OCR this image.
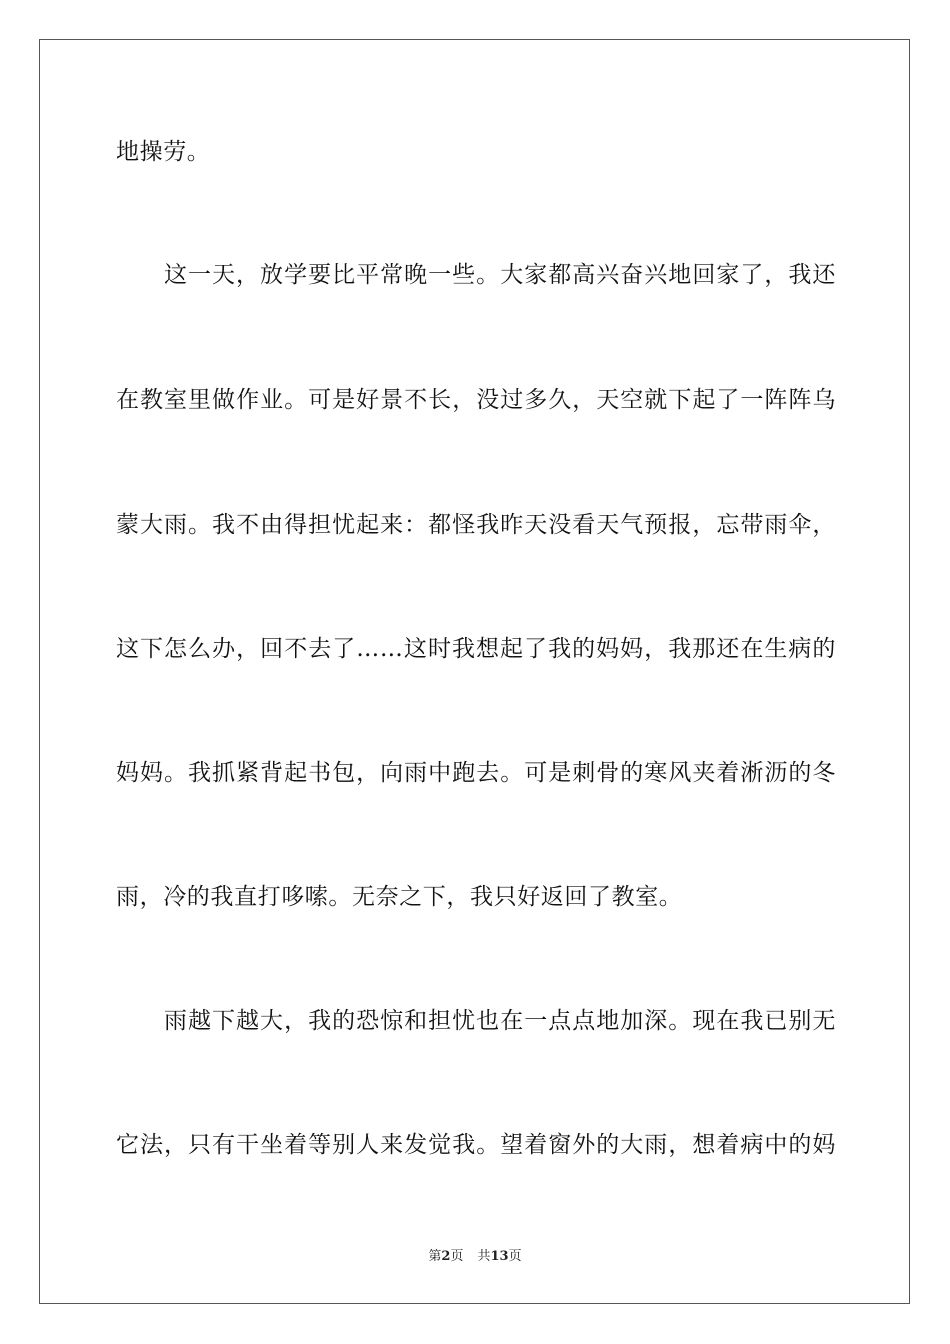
地操劳。
这一天，放学要比平常晚一些。大家都高兴奋兴地回家了，我还
在教室里做作业。可是好景不长，没过多久，天空就下起了一阵阵乌
蒙大雨。我不由得担忧起来：都怪我昨天没看天气预报，忘带雨伞，
这下怎么办，回不去了……这时我想起了我的妈妈，我那还在生病的
妈妈。我抓紧背起书包，向雨中跑去。可是刺骨的寒风夹着淅沥的冬
雨，冷的我直打哆嗦。无奈之下，我只好返回了教室。
雨越下越大，我的恐惊和担忧也在一点点地加深。现在我已别无
它法，只有干坐着等别人来发觉我。望着窗外的大雨，想着病中的妈
第2页 共13页
